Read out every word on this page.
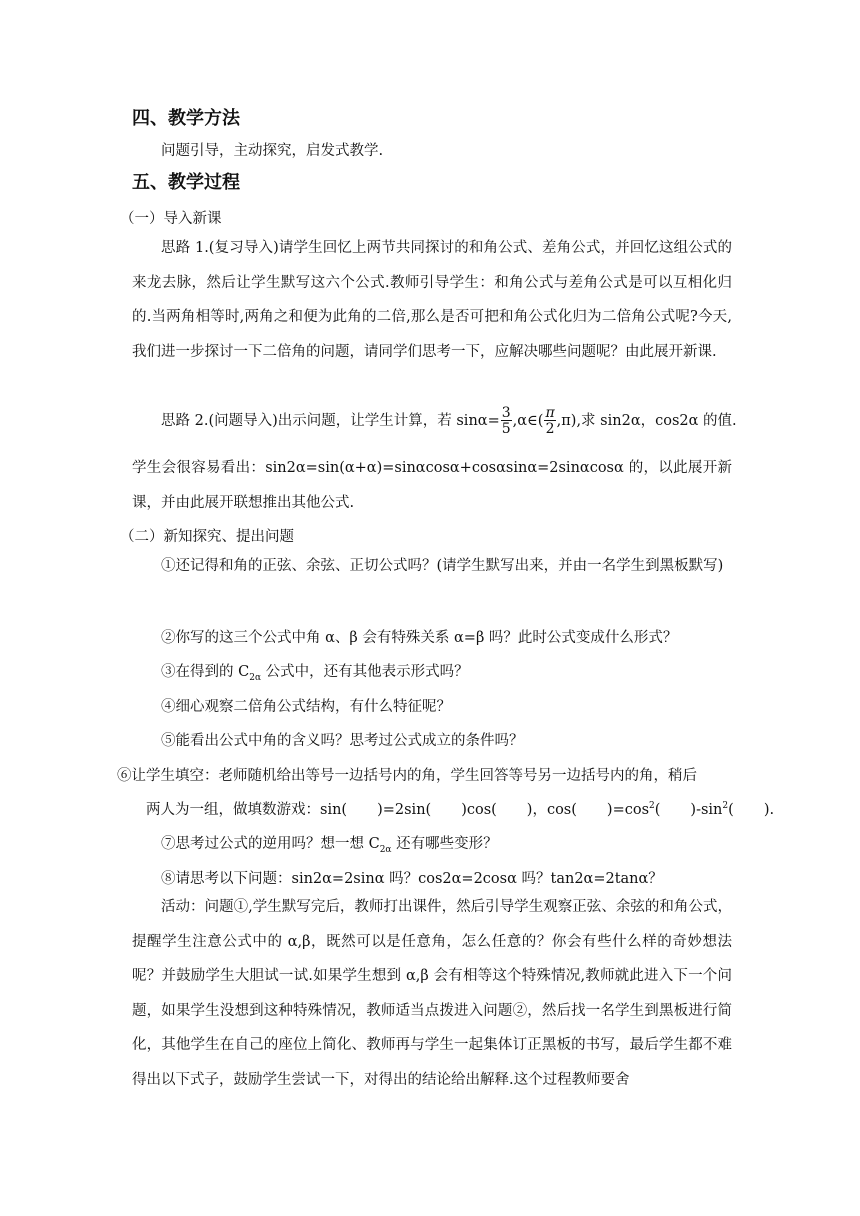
四、教学方法
问题引导，主动探究，启发式教学.
五、教学过程
（一）导入新课
思路 1.(复习导入)请学生回忆上两节共同探讨的和角公式、差角公式，并回忆这组公式的来龙去脉，然后让学生默写这六个公式.教师引导学生：和角公式与差角公式是可以互相化归的.当两角相等时,两角之和便为此角的二倍,那么是否可把和角公式化归为二倍角公式呢?今天,我们进一步探讨一下二倍角的问题，请同学们思考一下，应解决哪些问题呢？由此展开新课.
思路 2.(问题导入)出示问题，让学生计算，若 $\sin\alpha= \frac{3}{5}$ ,α∈( $\frac{\pi}{2} ,\pi$),求 sin2α，cos2α 的值.
学生会很容易看出：sin2α=sin(α+α)=sinαcosα+cosαsinα=2sinαcosα 的，以此展开新课，并由此展开联想推出其他公式.
（二）新知探究、提出问题
①还记得和角的正弦、余弦、正切公式吗？(请学生默写出来，并由一名学生到黑板默写)
②你写的这三个公式中角 α、β 会有特殊关系 α=β 吗？此时公式变成什么形式？
③在得到的 $C_{2\alpha}$ 公式中，还有其他表示形式吗？
④细心观察二倍角公式结构，有什么特征呢？
⑤能看出公式中角的含义吗？思考过公式成立的条件吗？
⑥让学生填空：老师随机给出等号一边括号内的角，学生回答等号另一边括号内的角，稍后
两人为一组，做填数游戏：sin( )=2sin( )cos( )，cos( )$=\cos^2$( )$-\sin^2$( ).
⑦思考过公式的逆用吗？想一想 $C_{2\alpha}$ 还有哪些变形？
⑧请思考以下问题：sin2α=2sinα 吗？cos2α=2cosα 吗？tan2α=2tanα？
活动：问题①,学生默写完后，教师打出课件，然后引导学生观察正弦、余弦的和角公式，提醒学生注意公式中的 α,β，既然可以是任意角，怎么任意的？你会有些什么样的奇妙想法呢？并鼓励学生大胆试一试.如果学生想到 α,β 会有相等这个特殊情况,教师就此进入下一个问题，如果学生没想到这种特殊情况，教师适当点拨进入问题②，然后找一名学生到黑板进行简化，其他学生在自己的座位上简化、教师再与学生一起集体订正黑板的书写，最后学生都不难得出以下式子，鼓励学生尝试一下，对得出的结论给出解释.这个过程教师要舍
